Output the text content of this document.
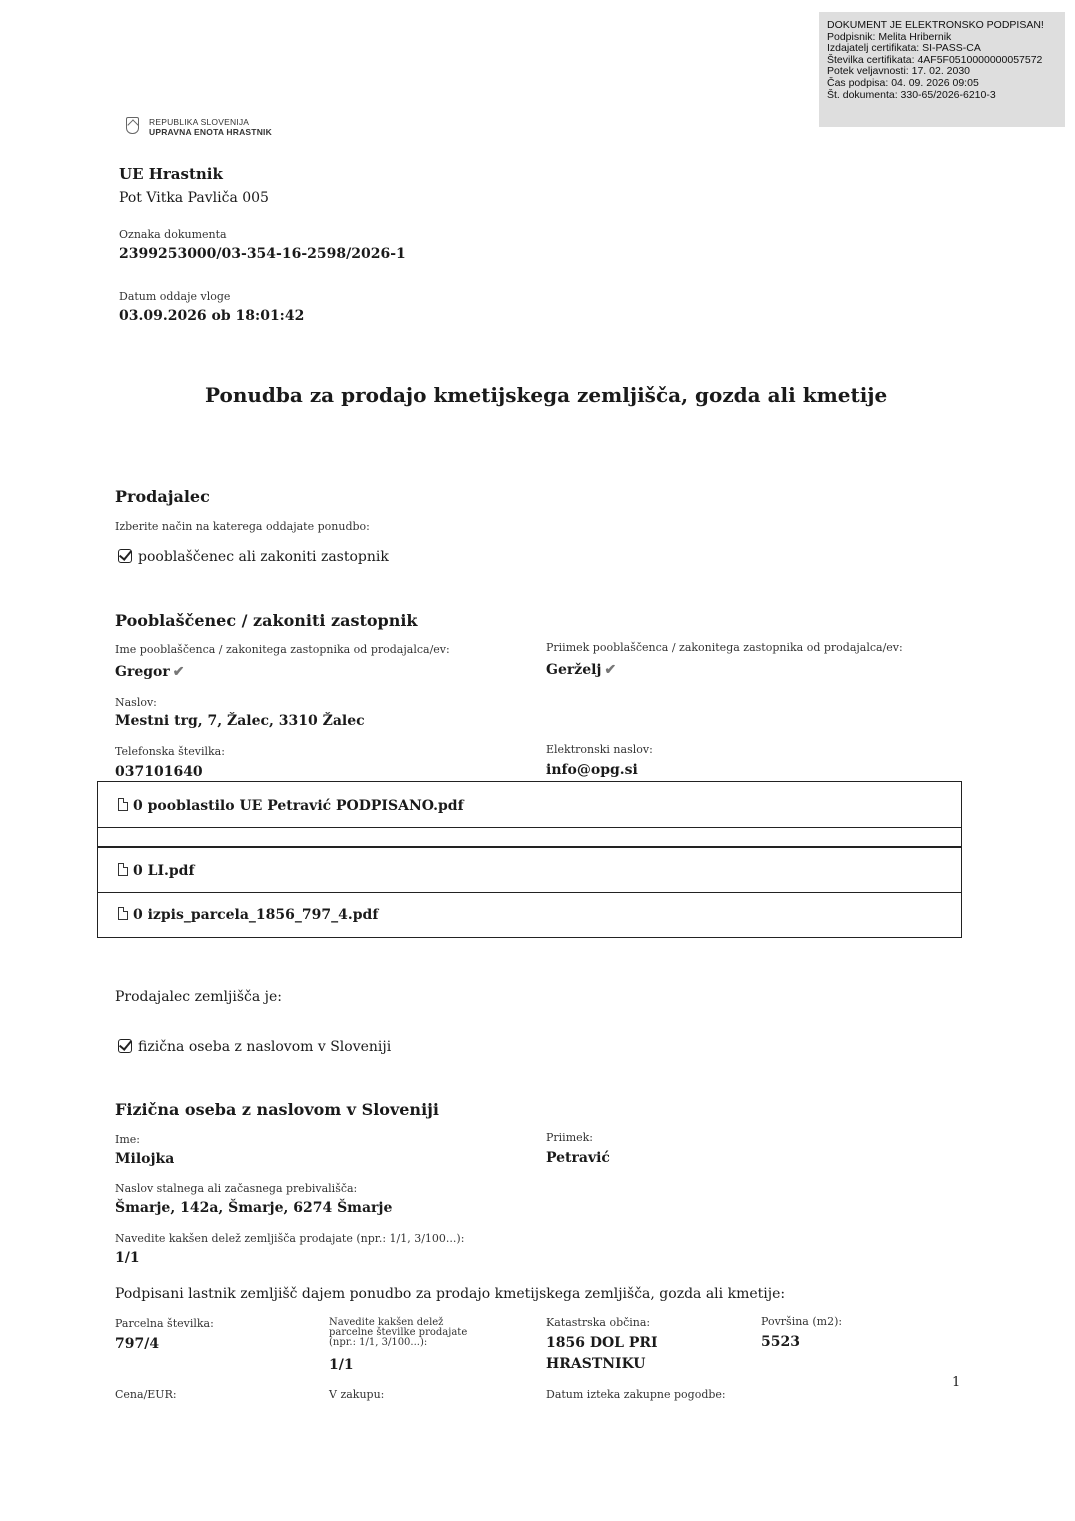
DOKUMENT JE ELEKTRONSKO PODPISAN!
Podpisnik: Melita Hribernik
Izdajatelj certifikata: SI-PASS-CA
Številka certifikata: 4AF5F0510000000057572
Potek veljavnosti: 17. 02. 2030
Čas podpisa: 04. 09. 2026 09:05
Št. dokumenta: 330-65/2026-6210-3
REPUBLIKA SLOVENIJA
UPRAVNA ENOTA HRASTNIK
UE Hrastnik
Pot Vitka Pavliča 005
Oznaka dokumenta
2399253000/03-354-16-2598/2026-1
Datum oddaje vloge
03.09.2026 ob 18:01:42
Ponudba za prodajo kmetijskega zemljišča, gozda ali kmetije
Prodajalec
Izberite način na katerega oddajate ponudbo:
pooblaščenec ali zakoniti zastopnik
Pooblaščenec / zakoniti zastopnik
Ime pooblaščenca / zakonitega zastopnika od prodajalca/ev:
Gregor ✔
Priimek pooblaščenca / zakonitega zastopnika od prodajalca/ev:
Gerželj ✔
Naslov:
Mestni trg, 7, Žalec, 3310 Žalec
Telefonska številka:
037101640
Elektronski naslov:
info@opg.si
0 pooblastilo UE Petravić PODPISANO.pdf
0 LI.pdf
0 izpis_parcela_1856_797_4.pdf
Prodajalec zemljišča je:
fizična oseba z naslovom v Sloveniji
Fizična oseba z naslovom v Sloveniji
Ime:
Milojka
Priimek:
Petravić
Naslov stalnega ali začasnega prebivališča:
Šmarje, 142a, Šmarje, 6274 Šmarje
Navedite kakšen delež zemljišča prodajate (npr.: 1/1, 3/100...):
1/1
Podpisani lastnik zemljišč dajem ponudbo za prodajo kmetijskega zemljišča, gozda ali kmetije:
Parcelna številka:
797/4
Navedite kakšen delež parcelne številke prodajate (npr.: 1/1, 3/100...):
1/1
Katastrska občina:
1856 DOL PRI
HRASTNIKU
Površina (m2):
5523
Cena/EUR:	V zakupu:	Datum izteka zakupne pogodbe:
1
